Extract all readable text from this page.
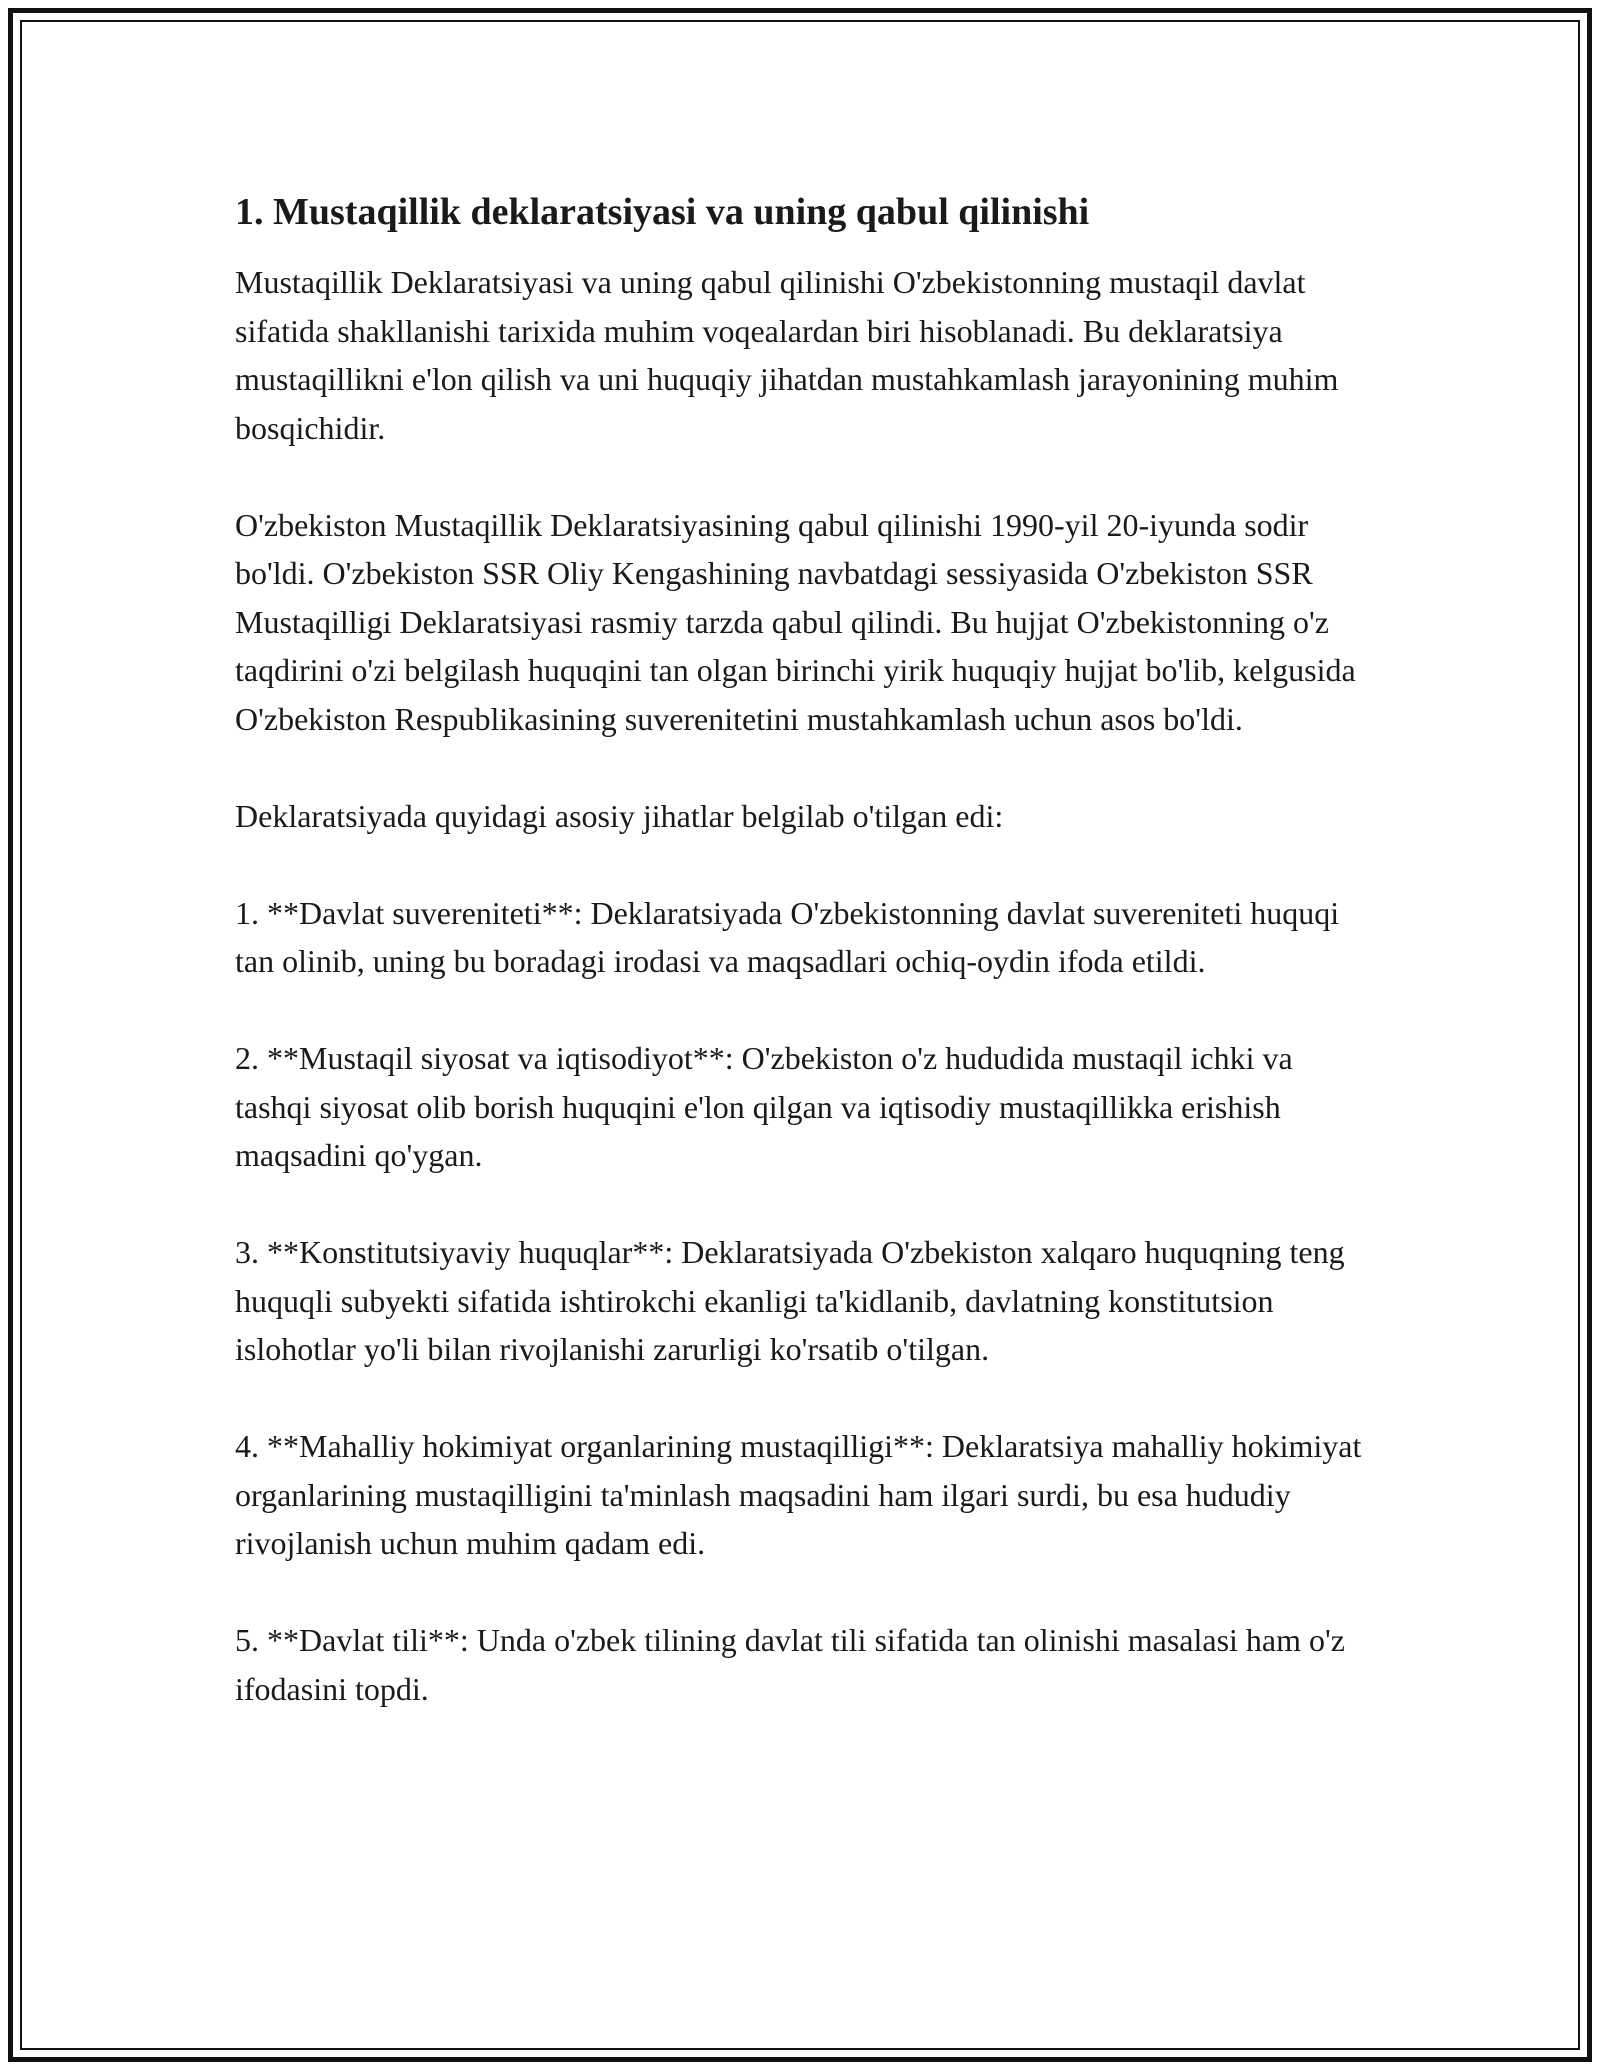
1. Mustaqillik deklaratsiyasi va uning qabul qilinishi

Mustaqillik Deklaratsiyasi va uning qabul qilinishi O'zbekistonning mustaqil davlat sifatida shakllanishi tarixida muhim voqealardan biri hisoblanadi. Bu deklaratsiya mustaqillikni e'lon qilish va uni huquqiy jihatdan mustahkamlash jarayonining muhim bosqichidir.

O'zbekiston Mustaqillik Deklaratsiyasining qabul qilinishi 1990-yil 20-iyunda sodir bo'ldi. O'zbekiston SSR Oliy Kengashining navbatdagi sessiyasida O'zbekiston SSR Mustaqilligi Deklaratsiyasi rasmiy tarzda qabul qilindi. Bu hujjat O'zbekistonning o'z taqdirini o'zi belgilash huquqini tan olgan birinchi yirik huquqiy hujjat bo'lib, kelgusida O'zbekiston Respublikasining suverenitetini mustahkamlash uchun asos bo'ldi.

Deklaratsiyada quyidagi asosiy jihatlar belgilab o'tilgan edi:

1. **Davlat suvereniteti**: Deklaratsiyada O'zbekistonning davlat suvereniteti huquqi tan olinib, uning bu boradagi irodasi va maqsadlari ochiq-oydin ifoda etildi.

2. **Mustaqil siyosat va iqtisodiyot**: O'zbekiston o'z hududida mustaqil ichki va tashqi siyosat olib borish huquqini e'lon qilgan va iqtisodiy mustaqillikka erishish maqsadini qo'ygan.

3. **Konstitutsiyaviy huquqlar**: Deklaratsiyada O'zbekiston xalqaro huquqning teng huquqli subyekti sifatida ishtirokchi ekanligi ta'kidlanib, davlatning konstitutsion islohotlar yo'li bilan rivojlanishi zarurligi ko'rsatib o'tilgan.

4. **Mahalliy hokimiyat organlarining mustaqilligi**: Deklaratsiya mahalliy hokimiyat organlarining mustaqilligini ta'minlash maqsadini ham ilgari surdi, bu esa hududiy rivojlanish uchun muhim qadam edi.

5. **Davlat tili**: Unda o'zbek tilining davlat tili sifatida tan olinishi masalasi ham o'z ifodasini topdi.
